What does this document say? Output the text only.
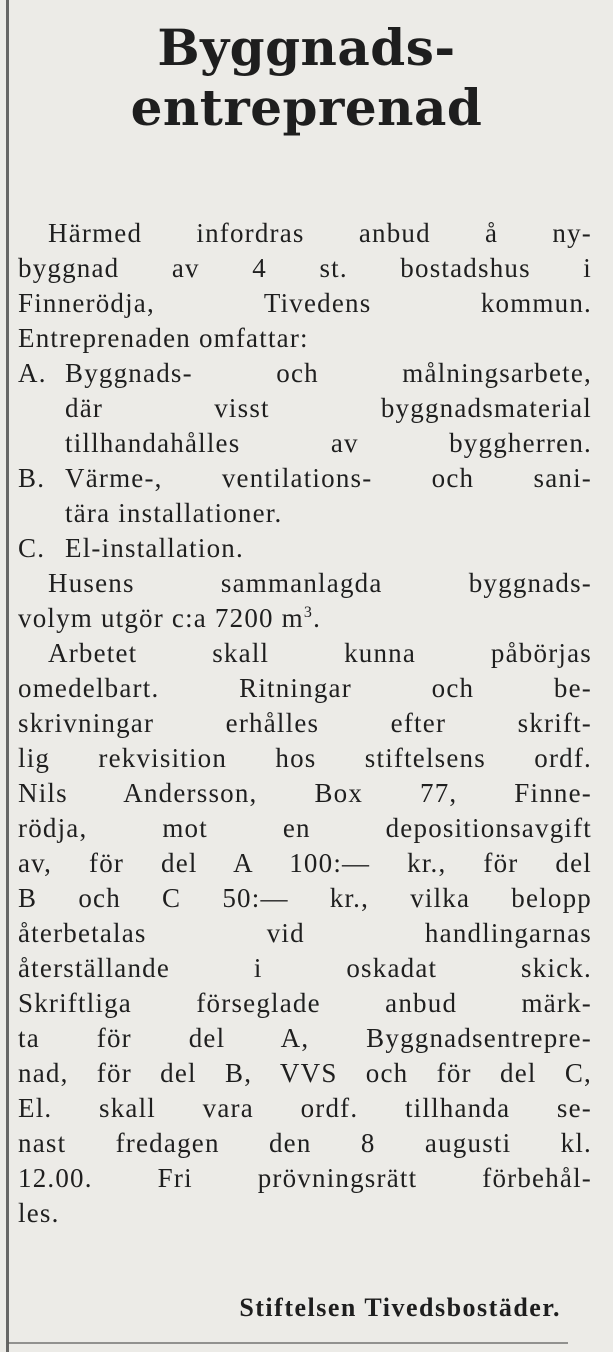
Byggnads-
entreprenad
Härmed infordras anbud å ny-
byggnad av 4 st. bostadshus i
Finnerödja, Tivedens kommun.
Entreprenaden omfattar:
A. Byggnads- och målningsarbete,
där visst byggnadsmaterial
tillhandahålles av byggherren.
B. Värme-, ventilations- och sani-
tära installationer.
C. El-installation.
Husens sammanlagda byggnads-
volym utgör c:a 7200 $m^3$.
Arbetet skall kunna påbörjas
omedelbart. Ritningar och be-
skrivningar erhålles efter skrift-
lig rekvisition hos stiftelsens ordf.
Nils Andersson, Box 77, Finne-
rödja, mot en depositionsavgift
av, för del A 100:— kr., för del
B och C 50:— kr., vilka belopp
återbetalas vid handlingarnas
återställande i oskadat skick.
Skriftliga förseglade anbud märk-
ta för del A, Byggnadsentrepre-
nad, för del B, VVS och för del C,
El. skall vara ordf. tillhanda se-
nast fredagen den 8 augusti kl.
12.00. Fri prövningsrätt förbehål-
les.
Stiftelsen Tivedsbostäder.
